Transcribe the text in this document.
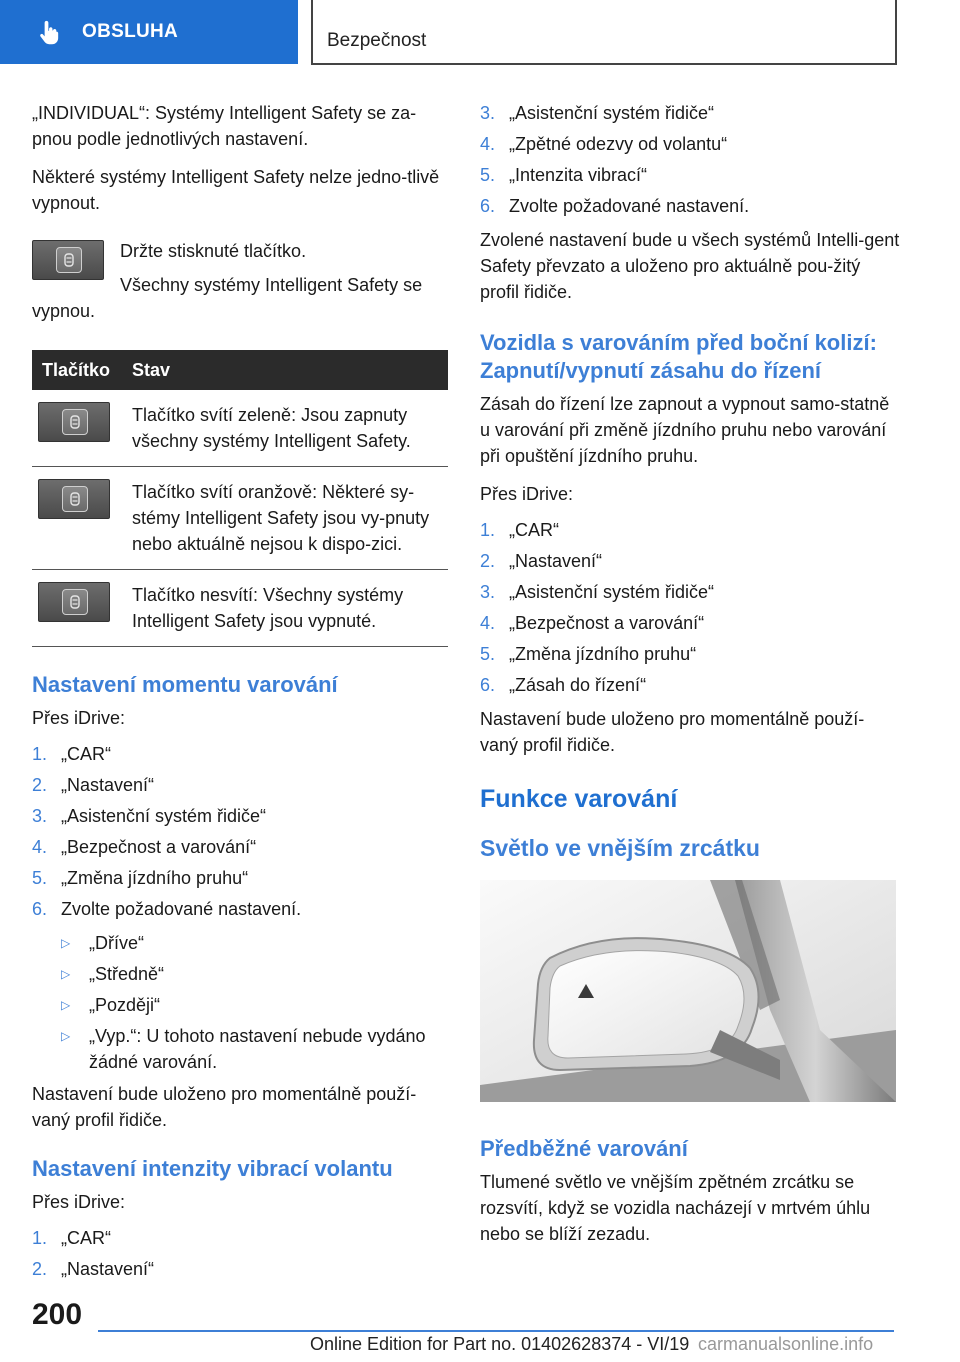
OBSLUHA	Bezpečnost

„INDIVIDUAL“: Systémy Intelligent Safety se za‐pnou podle jednotlivých nastavení.

Některé systémy Intelligent Safety nelze jedno‐tlivě vypnout.

Držte stisknuté tlačítko.

Všechny systémy Intelligent Safety se vypnou.

Tlačítko	Stav

	Tlačítko svítí zeleně: Jsou zapnuty všechny systémy Intelligent Safety.

	Tlačítko svítí oranžově: Některé sy‐stémy Intelligent Safety jsou vy‐pnuty nebo aktuálně nejsou k dispo‐zici.

	Tlačítko nesvítí: Všechny systémy Intelligent Safety jsou vypnuté.
Nastavení momentu varování

Přes iDrive:

1. „CAR“
2. „Nastavení“
3. „Asistenční systém řidiče“
4. „Bezpečnost a varování“
5. „Změna jízdního pruhu“
6. Zvolte požadované nastavení.
▷	„Dříve“
▷	„Středně“
▷	„Později“
▷	„Vyp.“: U tohoto nastavení nebude vydáno žádné varování.

Nastavení bude uloženo pro momentálně použí‐vaný profil řidiče.

Nastavení intenzity vibrací volantu

Přes iDrive:

1. „CAR“
2. „Nastavení“
3. „Asistenční systém řidiče“
4. „Zpětné odezvy od volantu“
5. „Intenzita vibrací“
6. Zvolte požadované nastavení.

Zvolené nastavení bude u všech systémů Intelli‐gent Safety převzato a uloženo pro aktuálně pou‐žitý profil řidiče.

Vozidla s varováním před boční kolizí: Zapnutí/vypnutí zásahu do řízení

Zásah do řízení lze zapnout a vypnout samo‐statně u varování při změně jízdního pruhu nebo varování při opuštění jízdního pruhu.

Přes iDrive:

1. „CAR“
2. „Nastavení“
3. „Asistenční systém řidiče“
4. „Bezpečnost a varování“
5. „Změna jízdního pruhu“
6. „Zásah do řízení“

Nastavení bude uloženo pro momentálně použí‐vaný profil řidiče.

Funkce varování
Světlo ve vnějším zrcátku
Předběžné varování

Tlumené světlo ve vnějším zpětném zrcátku se rozsvítí, když se vozidla nacházejí v mrtvém úhlu nebo se blíží zezadu.

200
Online Edition for Part no. 01402628374 - VI/19 carmanualsonline.info
